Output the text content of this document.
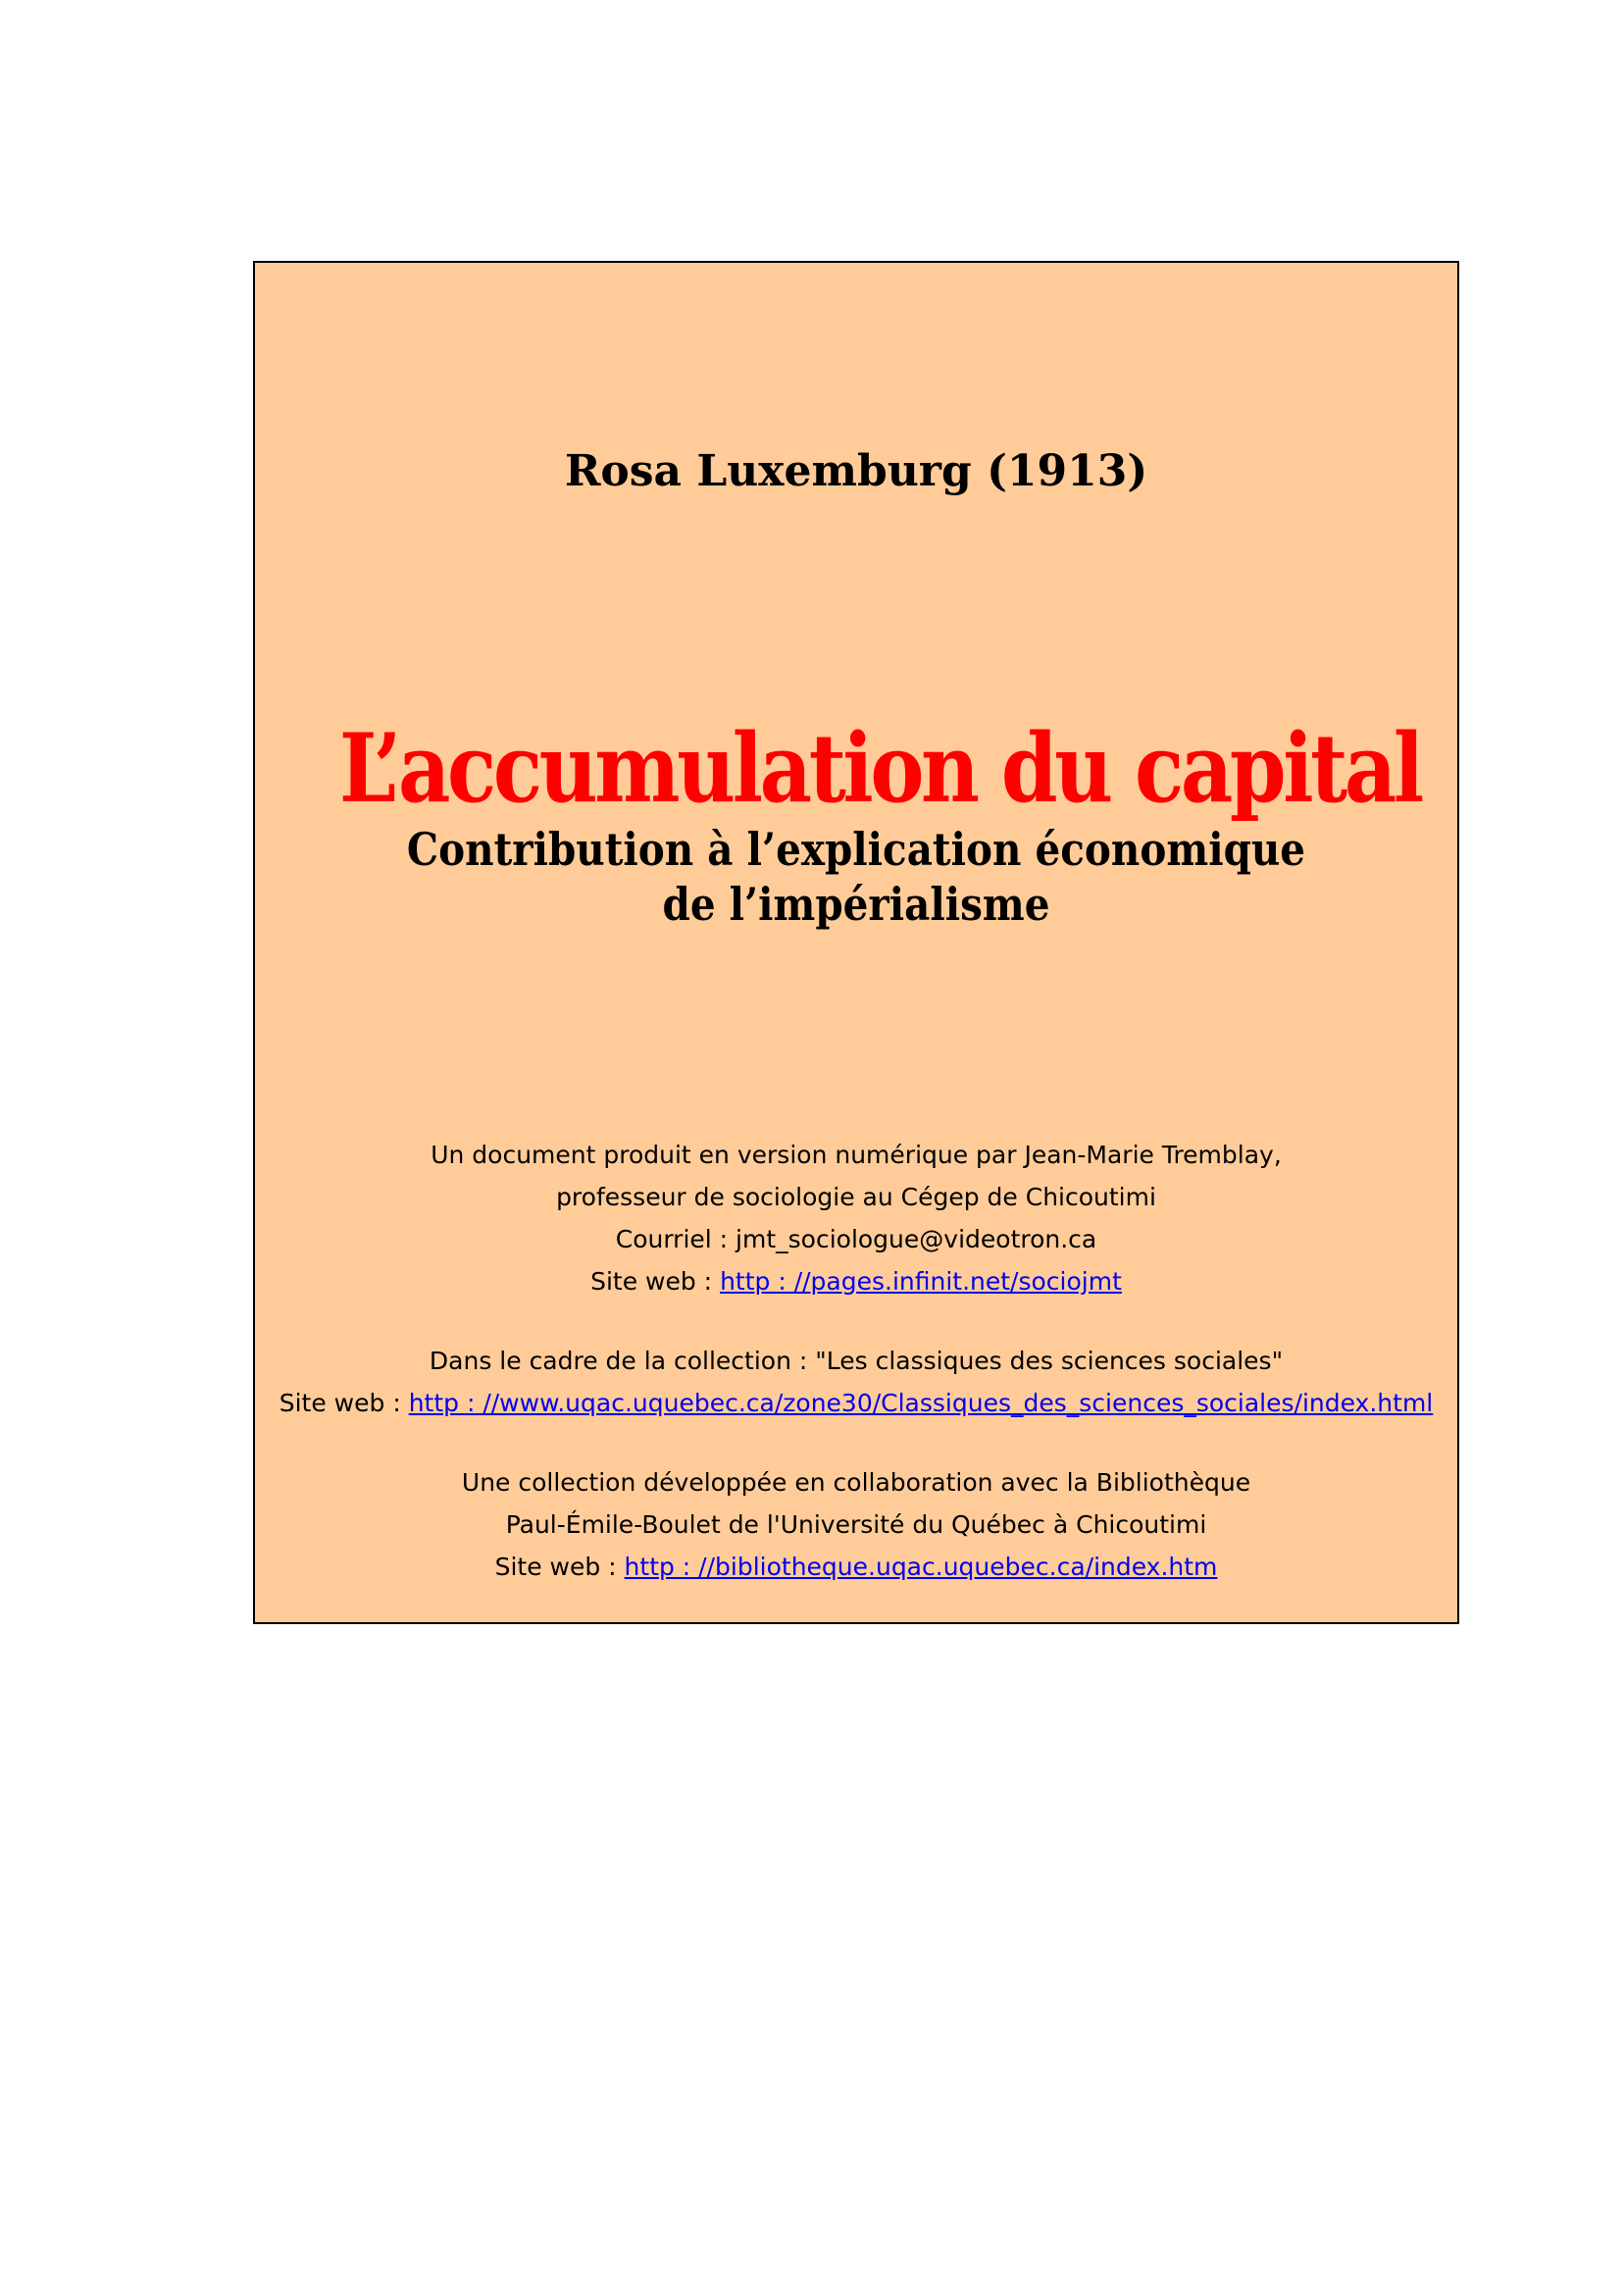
Rosa Luxemburg (1913)
L’accumulation du capital
Contribution à l’explication économique
de l’impérialisme
Un document produit en version numérique par Jean-Marie Tremblay,
professeur de sociologie au Cégep de Chicoutimi
Courriel : jmt_sociologue@videotron.ca
Site web : http : //pages.infinit.net/sociojmt
Dans le cadre de la collection : "Les classiques des sciences sociales"
Site web : http : //www.uqac.uquebec.ca/zone30/Classiques_des_sciences_sociales/index.html
Une collection développée en collaboration avec la Bibliothèque
Paul-Émile-Boulet de l'Université du Québec à Chicoutimi
Site web : http : //bibliotheque.uqac.uquebec.ca/index.htm
